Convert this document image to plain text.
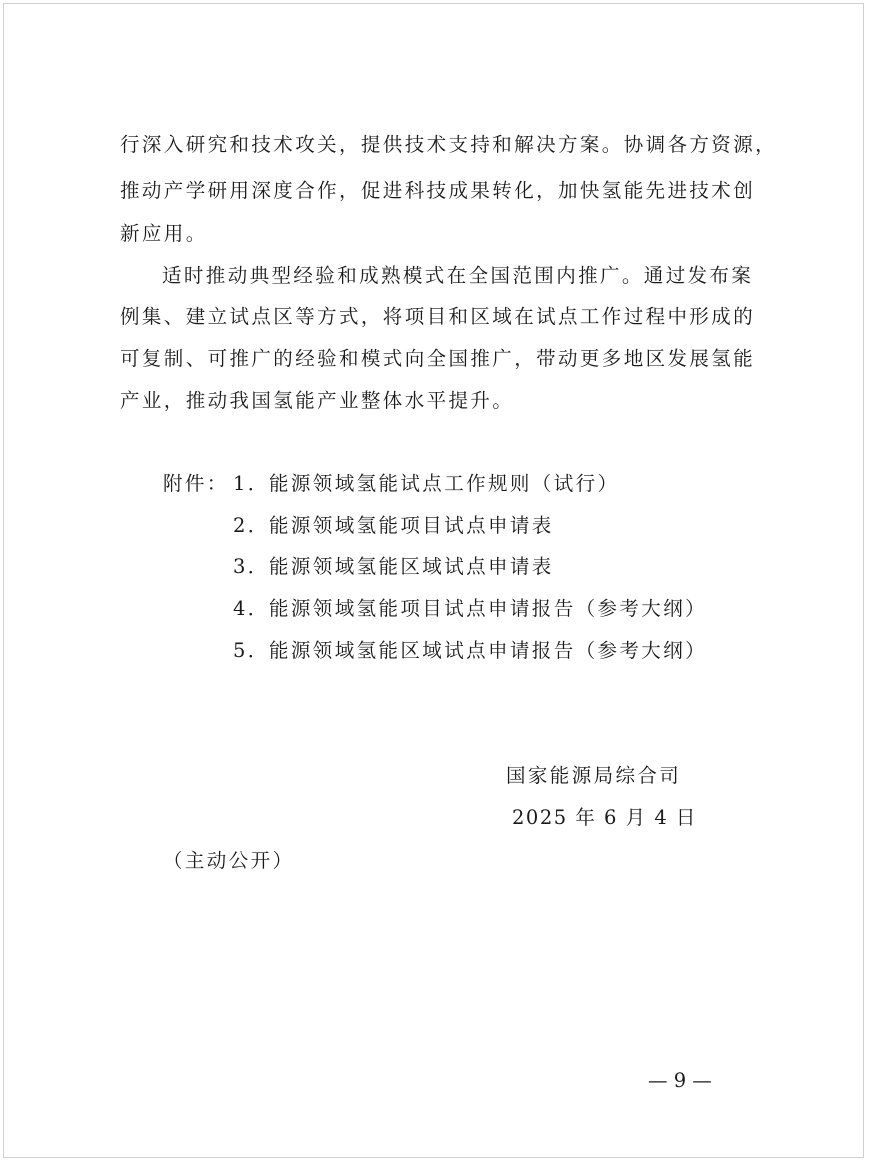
行深入研究和技术攻关，提供技术支持和解决方案。协调各方资源，
推动产学研用深度合作，促进科技成果转化，加快氢能先进技术创
新应用。
适时推动典型经验和成熟模式在全国范围内推广。通过发布案
例集、建立试点区等方式，将项目和区域在试点工作过程中形成的
可复制、可推广的经验和模式向全国推广，带动更多地区发展氢能
产业，推动我国氢能产业整体水平提升。
附件： 1．能源领域氢能试点工作规则（试行）
2．能源领域氢能项目试点申请表
3．能源领域氢能区域试点申请表
4．能源领域氢能项目试点申请报告（参考大纲）
5．能源领域氢能区域试点申请报告（参考大纲）
国家能源局综合司
2025 年 6 月 4 日
（主动公开）
— 9 —
